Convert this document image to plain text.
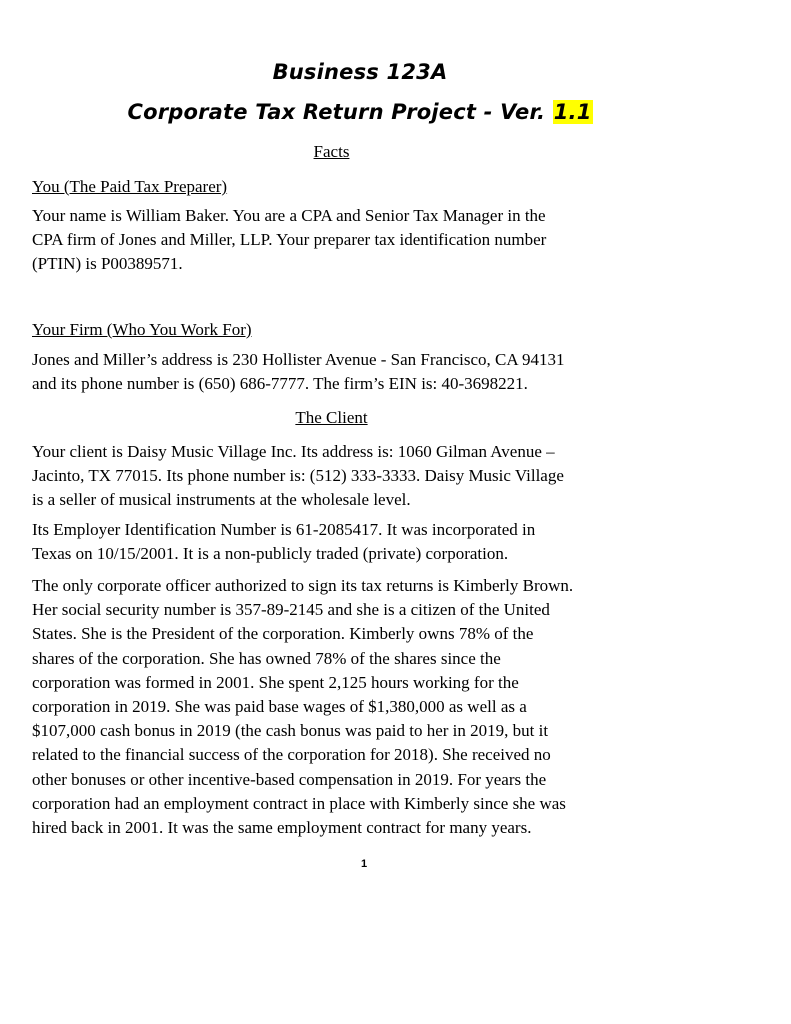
Business 123A
Corporate Tax Return Project - Ver. 1.1
Facts
You (The Paid Tax Preparer)

Your name is William Baker. You are a CPA and Senior Tax Manager in the
CPA firm of Jones and Miller, LLP. Your preparer tax identification number
(PTIN) is P00389571.

Your Firm (Who You Work For)

Jones and Miller’s address is 230 Hollister Avenue - San Francisco, CA 94131
and its phone number is (650) 686-7777. The firm’s EIN is: 40-3698221.

The Client

Your client is Daisy Music Village Inc. Its address is: 1060 Gilman Avenue –
Jacinto, TX 77015. Its phone number is: (512) 333-3333. Daisy Music Village
is a seller of musical instruments at the wholesale level.

Its Employer Identification Number is 61-2085417. It was incorporated in
Texas on 10/15/2001. It is a non-publicly traded (private) corporation.

The only corporate officer authorized to sign its tax returns is Kimberly Brown.
Her social security number is 357-89-2145 and she is a citizen of the United
States. She is the President of the corporation. Kimberly owns 78% of the
shares of the corporation. She has owned 78% of the shares since the
corporation was formed in 2001. She spent 2,125 hours working for the
corporation in 2019. She was paid base wages of $1,380,000 as well as a
$107,000 cash bonus in 2019 (the cash bonus was paid to her in 2019, but it
related to the financial success of the corporation for 2018). She received no
other bonuses or other incentive-based compensation in 2019. For years the
corporation had an employment contract in place with Kimberly since she was
hired back in 2001. It was the same employment contract for many years.

1
